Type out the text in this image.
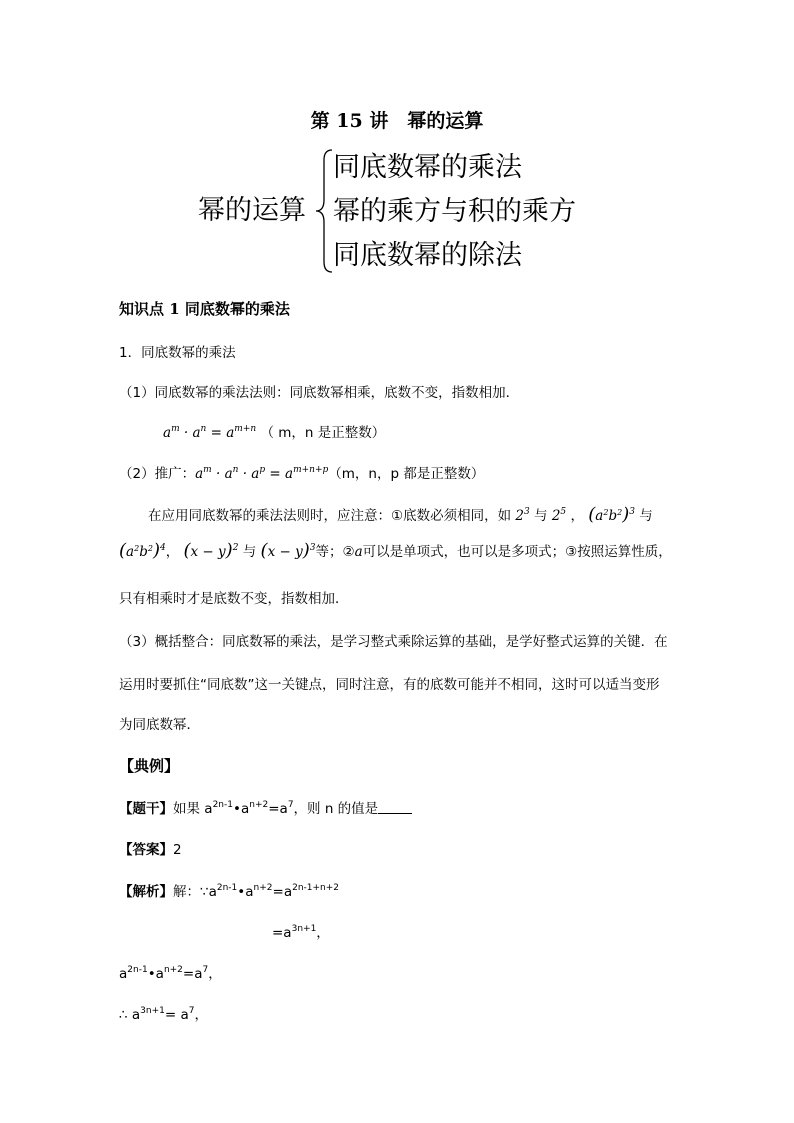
第 15 讲　幂的运算
幂的运算
同底数幂的乘法
幂的乘方与积的乘方
同底数幂的除法
知识点 1 同底数幂的乘法
1．同底数幂的乘法
（1）同底数幂的乘法法则：同底数幂相乘，底数不变，指数相加．
$a^m \cdot a^n = a^{m+n}$ （ m，n 是正整数）
（2）推广：$a^m \cdot a^n \cdot a^p = a^{m+n+p}(m$，n，p 都是正整数）
在应用同底数幂的乘法法则时，应注意：①底数必须相同，如 $2^3$ 与 $2^5$ ， $(a^2b^2)^3$ 与
$(a^2b^2)^4$， $(x - y)^2$ 与 $(x - y)^3$等；②a可以是单项式，也可以是多项式；③按照运算性质，
只有相乘时才是底数不变，指数相加．
（3）概括整合：同底数幂的乘法，是学习整式乘除运算的基础，是学好整式运算的关键．在
运用时要抓住“同底数”这一关键点，同时注意，有的底数可能并不相同，这时可以适当变形
为同底数幂．
【典例】
【题干】如果 $a^{2n-1}•a^{n+2}=a^7$，则 n 的值是
【答案】2
【解析】解：$\because a^{2n-1}•a^{n+2}=a^{2n-1+n+2}$
$=a^{3n+1}$，
$a^{2n-1}•a^{n+2}=a^7$，
∴ $a^{3n+1}= a^7$，
